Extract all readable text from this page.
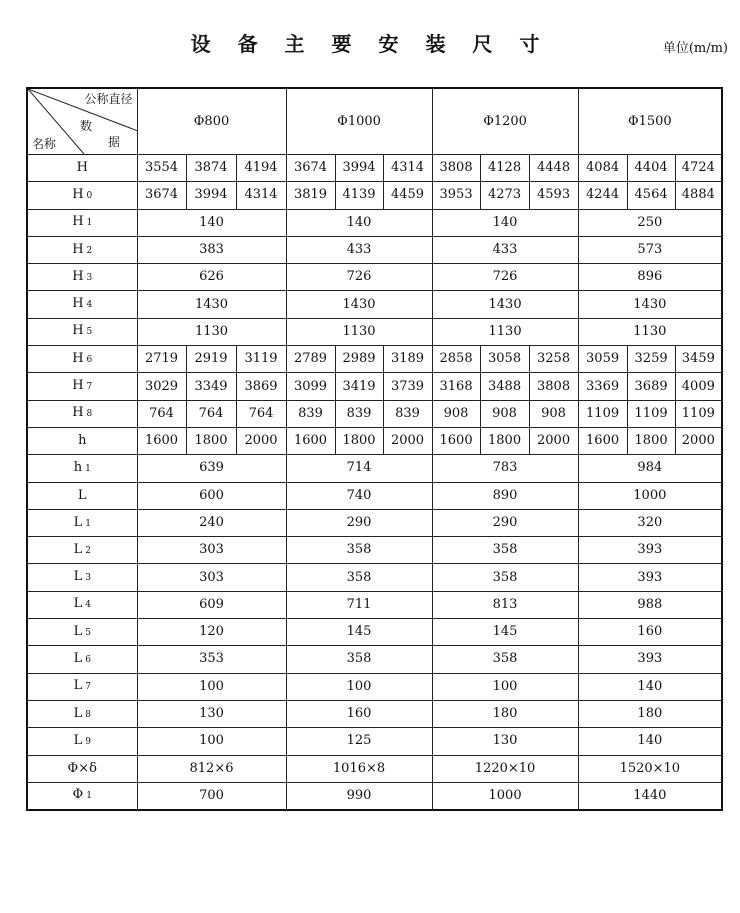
设 备 主 要 安 装 尺 寸	单位(m/m)
公称直径
数
据
名称	Φ800			Φ1000			Φ1200			Φ1500		
H	3554	3874	4194	3674	3994	4314	3808	4128	4448	4084	4404	4724
H 0	3674	3994	4314	3819	4139	4459	3953	4273	4593	4244	4564	4884
H 1	140			140			140			250		
H 2	383			433			433			573		
H 3	626			726			726			896		
H 4	1430			1430			1430			1430		
H 5	1130			1130			1130			1130		
H 6	2719	2919	3119	2789	2989	3189	2858	3058	3258	3059	3259	3459
H 7	3029	3349	3869	3099	3419	3739	3168	3488	3808	3369	3689	4009
H 8	764	764	764	839	839	839	908	908	908	1109	1109	1109
h	1600	1800	2000	1600	1800	2000	1600	1800	2000	1600	1800	2000
h 1	639			714			783			984		
L	600			740			890			1000		
L 1	240			290			290			320		
L 2	303			358			358			393		
L 3	303			358			358			393		
L 4	609			711			813			988		
L 5	120			145			145			160		
L 6	353			358			358			393		
L 7	100			100			100			140		
L 8	130			160			180			180		
L 9	100			125			130			140		
Φ×δ	812×6			1016×8			1220×10			1520×10		
Φ 1	700			990			1000			1440		
